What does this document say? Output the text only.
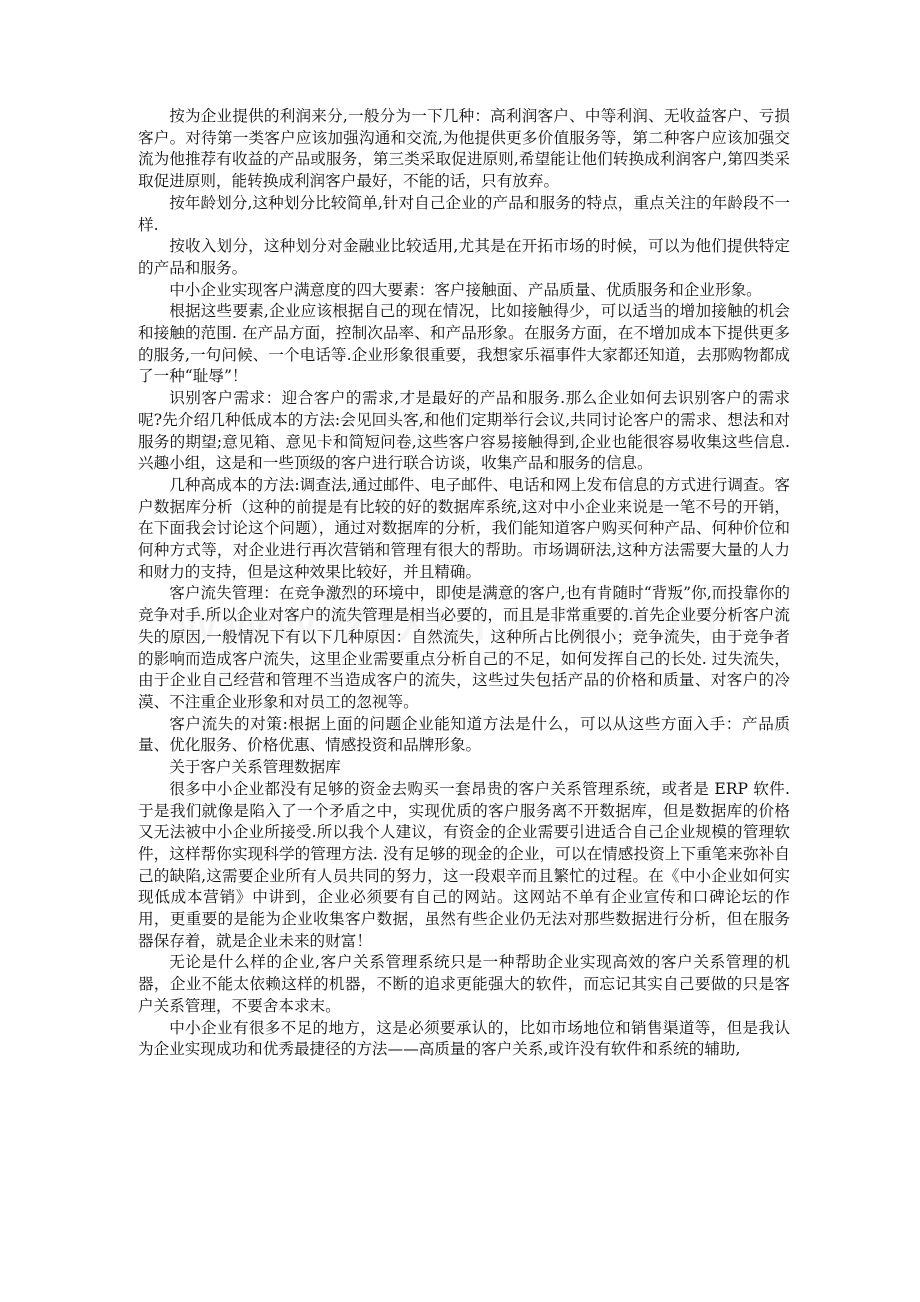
按为企业提供的利润来分,一般分为一下几种：高利润客户、中等利润、无收益客户、亏损客户。对待第一类客户应该加强沟通和交流,为他提供更多价值服务等，第二种客户应该加强交流为他推荐有收益的产品或服务，第三类采取促进原则,希望能让他们转换成利润客户,第四类采取促进原则，能转换成利润客户最好，不能的话，只有放弃。

按年龄划分,这种划分比较简单,针对自己企业的产品和服务的特点，重点关注的年龄段不一样.

按收入划分，这种划分对金融业比较适用,尤其是在开拓市场的时候，可以为他们提供特定的产品和服务。

中小企业实现客户满意度的四大要素：客户接触面、产品质量、优质服务和企业形象。

根据这些要素,企业应该根据自己的现在情况，比如接触得少，可以适当的增加接触的机会和接触的范围. 在产品方面，控制次品率、和产品形象。在服务方面，在不增加成本下提供更多的服务,一句问候、一个电话等.企业形象很重要，我想家乐福事件大家都还知道，去那购物都成了一种“耻辱”！

识别客户需求：迎合客户的需求,才是最好的产品和服务.那么企业如何去识别客户的需求呢?先介绍几种低成本的方法:会见回头客,和他们定期举行会议,共同讨论客户的需求、想法和对服务的期望;意见箱、意见卡和简短问卷,这些客户容易接触得到,企业也能很容易收集这些信息.兴趣小组，这是和一些顶级的客户进行联合访谈，收集产品和服务的信息。

几种高成本的方法:调查法,通过邮件、电子邮件、电话和网上发布信息的方式进行调查。客户数据库分析（这种的前提是有比较的好的数据库系统,这对中小企业来说是一笔不号的开销，在下面我会讨论这个问题），通过对数据库的分析，我们能知道客户购买何种产品、何种价位和何种方式等，对企业进行再次营销和管理有很大的帮助。市场调研法,这种方法需要大量的人力和财力的支持，但是这种效果比较好，并且精确。

客户流失管理：在竞争激烈的环境中，即使是满意的客户,也有肯随时“背叛”你,而投靠你的竞争对手.所以企业对客户的流失管理是相当必要的，而且是非常重要的.首先企业要分析客户流失的原因,一般情况下有以下几种原因：自然流失，这种所占比例很小；竞争流失，由于竞争者的影响而造成客户流失，这里企业需要重点分析自己的不足，如何发挥自己的长处. 过失流失，由于企业自己经营和管理不当造成客户的流失，这些过失包括产品的价格和质量、对客户的冷漠、不注重企业形象和对员工的忽视等。

客户流失的对策:根据上面的问题企业能知道方法是什么，可以从这些方面入手：产品质量、优化服务、价格优惠、情感投资和品牌形象。

关于客户关系管理数据库

很多中小企业都没有足够的资金去购买一套昂贵的客户关系管理系统，或者是 ERP 软件.于是我们就像是陷入了一个矛盾之中，实现优质的客户服务离不开数据库，但是数据库的价格又无法被中小企业所接受.所以我个人建议，有资金的企业需要引进适合自己企业规模的管理软件，这样帮你实现科学的管理方法. 没有足够的现金的企业，可以在情感投资上下重笔来弥补自己的缺陷,这需要企业所有人员共同的努力，这一段艰辛而且繁忙的过程。在《中小企业如何实现低成本营销》中讲到，企业必须要有自己的网站。这网站不单有企业宣传和口碑论坛的作用，更重要的是能为企业收集客户数据，虽然有些企业仍无法对那些数据进行分析，但在服务器保存着，就是企业未来的财富！

无论是什么样的企业,客户关系管理系统只是一种帮助企业实现高效的客户关系管理的机器，企业不能太依赖这样的机器，不断的追求更能强大的软件，而忘记其实自己要做的只是客户关系管理，不要舍本求末。

中小企业有很多不足的地方，这是必须要承认的，比如市场地位和销售渠道等，但是我认为企业实现成功和优秀最捷径的方法——高质量的客户关系,或许没有软件和系统的辅助,
